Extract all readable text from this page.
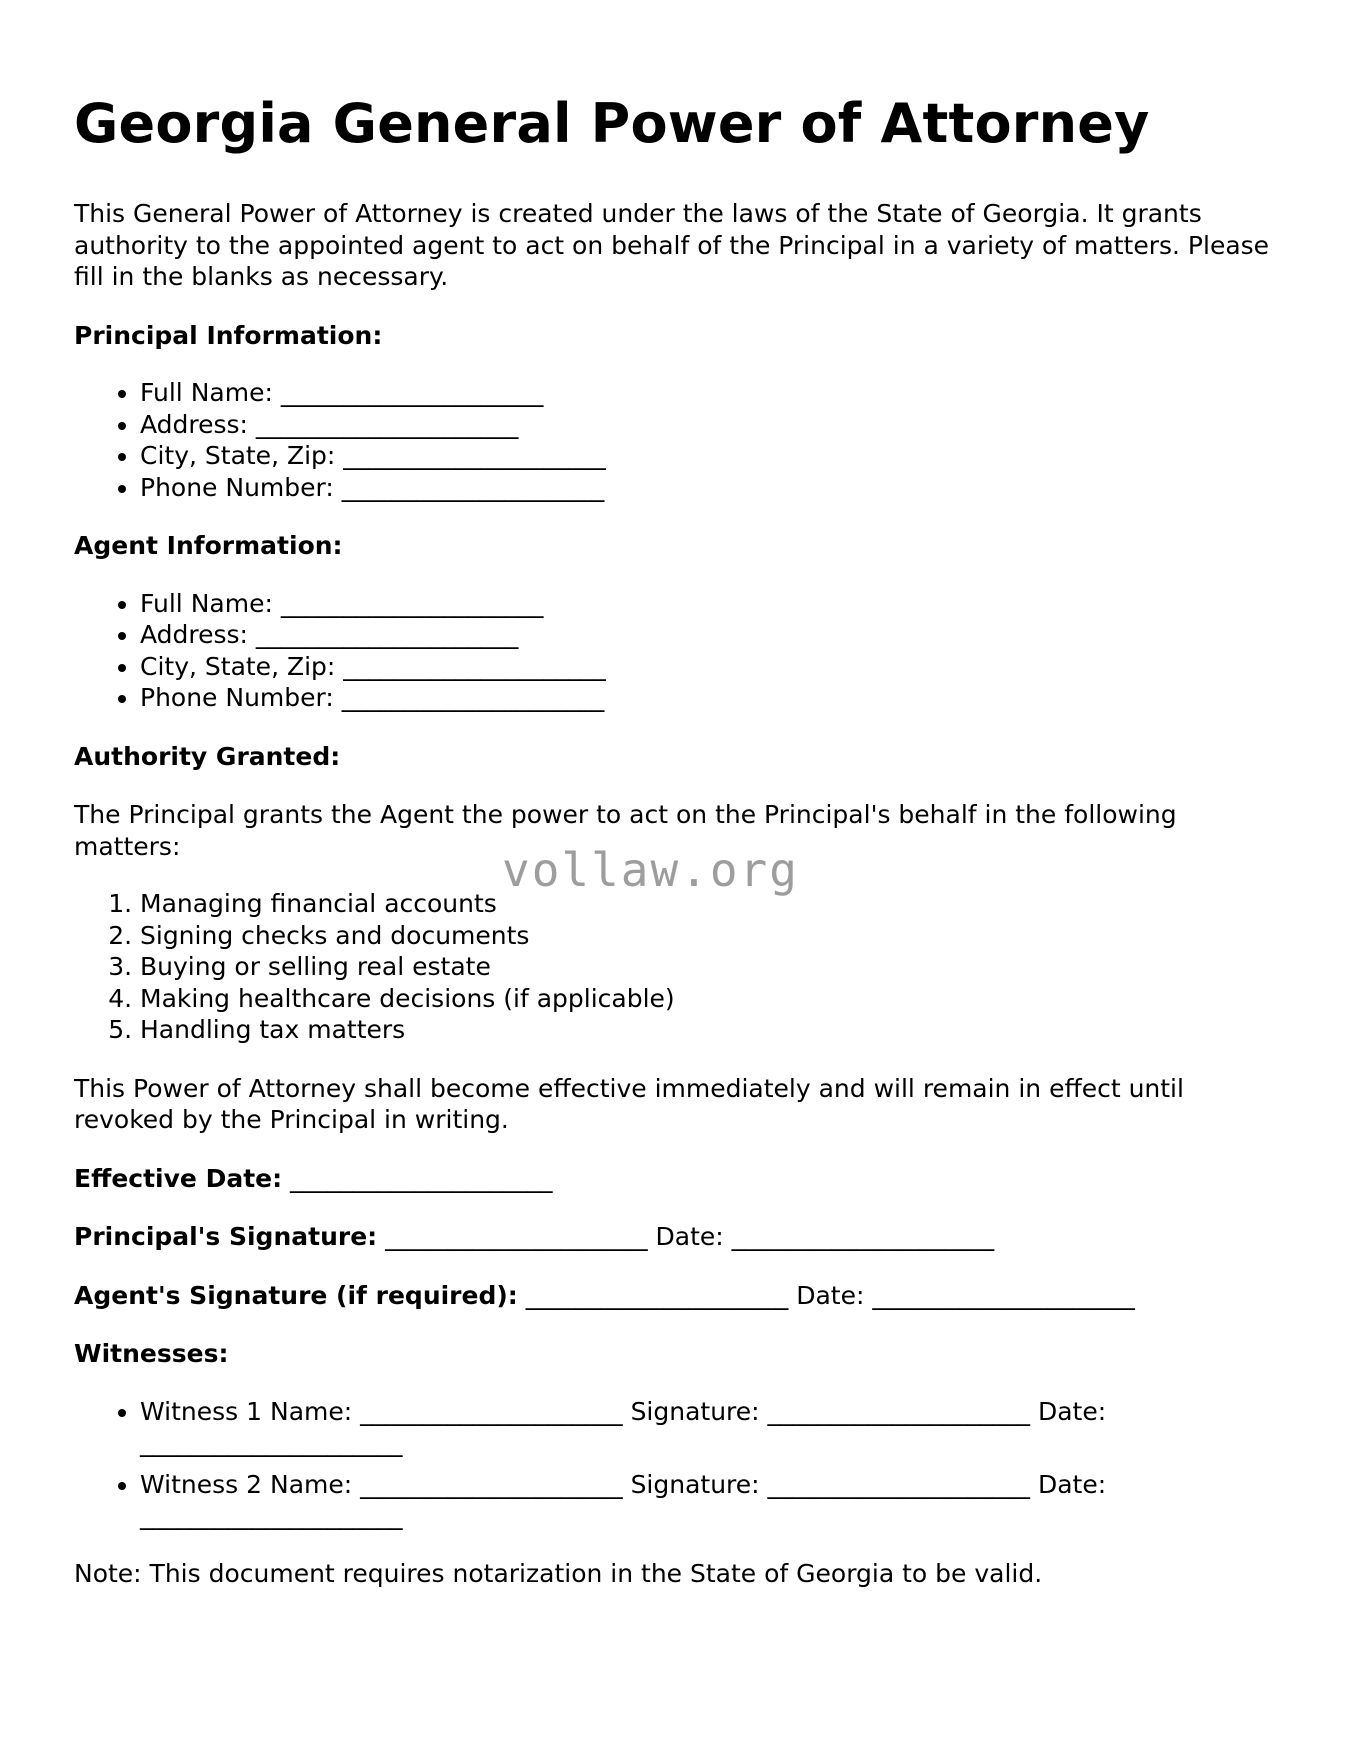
Georgia General Power of Attorney

This General Power of Attorney is created under the laws of the State of Georgia. It grants authority to the appointed agent to act on behalf of the Principal in a variety of matters. Please fill in the blanks as necessary.

Principal Information:
• Full Name: _____________________
• Address: _____________________
• City, State, Zip: _____________________
• Phone Number: _____________________
Agent Information:
• Full Name: _____________________
• Address: _____________________
• City, State, Zip: _____________________
• Phone Number: _____________________
Authority Granted:

The Principal grants the Agent the power to act on the Principal's behalf in the following matters:

1. Managing financial accounts
2. Signing checks and documents
3. Buying or selling real estate
4. Making healthcare decisions (if applicable)
5. Handling tax matters

This Power of Attorney shall become effective immediately and will remain in effect until revoked by the Principal in writing.

Effective Date: _____________________
Principal's Signature: _____________________ Date: _____________________
Agent's Signature (if required): _____________________ Date: _____________________
Witnesses:
• Witness 1 Name: _____________________ Signature: _____________________ Date: _____________________
• Witness 2 Name: _____________________ Signature: _____________________ Date: _____________________

Note: This document requires notarization in the State of Georgia to be valid.

vollaw.org
